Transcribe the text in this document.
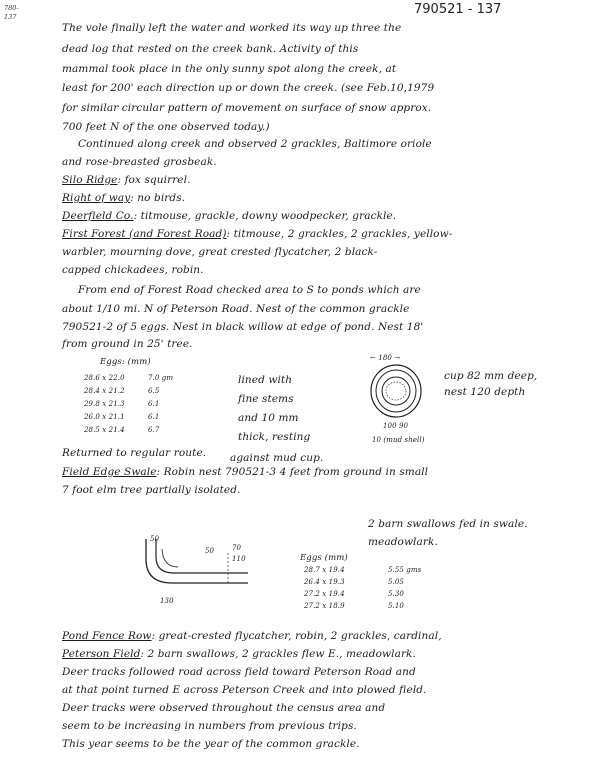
790521 - 137
780-
137
The vole finally left the water and worked its way up three the
dead log that rested on the creek bank. Activity of this
mammal took place in the only sunny spot along the creek, at
least for 200' each direction up or down the creek. (see Feb.10,1979
for similar circular pattern of movement on surface of snow approx.
700 feet N of the one observed today.)
Continued along creek and observed 2 grackles, Baltimore oriole
and rose-breasted grosbeak.
Silo Ridge: fox squirrel.
Right of way: no birds.
Deerfield Co.: titmouse, grackle, downy woodpecker, grackle.
First Forest (and Forest Road): titmouse, 2 grackles, 2 grackles, yellow-
warbler, mourning dove, great crested flycatcher, 2 black-
capped chickadees, robin.
From end of Forest Road checked area to S to ponds which are
about 1/10 mi. N of Peterson Road. Nest of the common grackle
790521-2 of 5 eggs. Nest in black willow at edge of pond. Nest 18'
from ground in 25' tree.
Eggs: (mm)
28.6 x 22.0	7.0 gm
28.4 x 21.2	6.5
29.8 x 21.3	6.1
26.0 x 21.1	6.1
28.5 x 21.4	6.7
lined with
fine stems
and 10 mm
thick, resting
against mud cup.
← 180 →
100 90
10 (mud shell)
cup 82 mm deep,
nest 120 depth
Returned to regular route.
Field Edge Swale: Robin nest 790521-3 4 feet from ground in small
7 foot elm tree partially isolated.
2 barn swallows fed in swale.
meadowlark.
50
50	70
110
130
Eggs (mm)
28.7 x 19.4	5.55 gms
26.4 x 19.3	5.05
27.2 x 19.4	5.30
27.2 x 18.9	5.10
Pond Fence Row: great-crested flycatcher, robin, 2 grackles, cardinal,
Peterson Field: 2 barn swallows, 2 grackles flew E., meadowlark.
Deer tracks followed road across field toward Peterson Road and
at that point turned E across Peterson Creek and into plowed field.
Deer tracks were observed throughout the census area and
seem to be increasing in numbers from previous trips.
This year seems to be the year of the common grackle.
